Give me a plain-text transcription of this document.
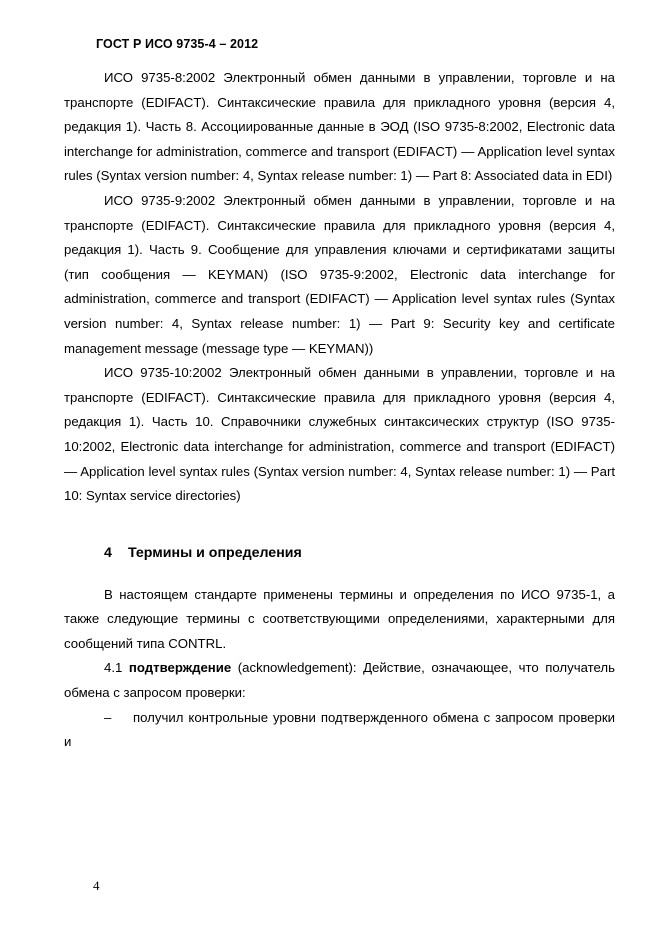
ГОСТ Р ИСО 9735-4 – 2012

ИСО 9735-8:2002 Электронный обмен данными в управлении, торговле и на транспорте (EDIFACT). Синтаксические правила для прикладного уровня (версия 4, редакция 1). Часть 8. Ассоциированные данные в ЭОД (ISO 9735-8:2002, Electronic data interchange for administration, commerce and transport (EDIFACT) — Application level syntax rules (Syntax version number: 4, Syntax release number: 1) — Part 8: Associated data in EDI)

ИСО 9735-9:2002 Электронный обмен данными в управлении, торговле и на транспорте (EDIFACT). Синтаксические правила для прикладного уровня (версия 4, редакция 1). Часть 9. Сообщение для управления ключами и сертификатами защиты (тип сообщения — KEYMAN) (ISO 9735-9:2002, Electronic data interchange for administration, commerce and transport (EDIFACT) — Application level syntax rules (Syntax version number: 4, Syntax release number: 1) — Part 9: Security key and certificate management message (message type — KEYMAN))

ИСО 9735-10:2002 Электронный обмен данными в управлении, торговле и на транспорте (EDIFACT). Синтаксические правила для прикладного уровня (версия 4, редакция 1). Часть 10. Справочники служебных синтаксических структур (ISO 9735-10:2002, Electronic data interchange for administration, commerce and transport (EDIFACT) — Application level syntax rules (Syntax version number: 4, Syntax release number: 1) — Part 10: Syntax service directories)

4 Термины и определения

В настоящем стандарте применены термины и определения по ИСО 9735-1, а также следующие термины с соответствующими определениями, характерными для сообщений типа CONTRL.

4.1 подтверждение (acknowledgement): Действие, означающее, что получатель обмена с запросом проверки:

– получил контрольные уровни подтвержденного обмена с запросом проверки и

4
